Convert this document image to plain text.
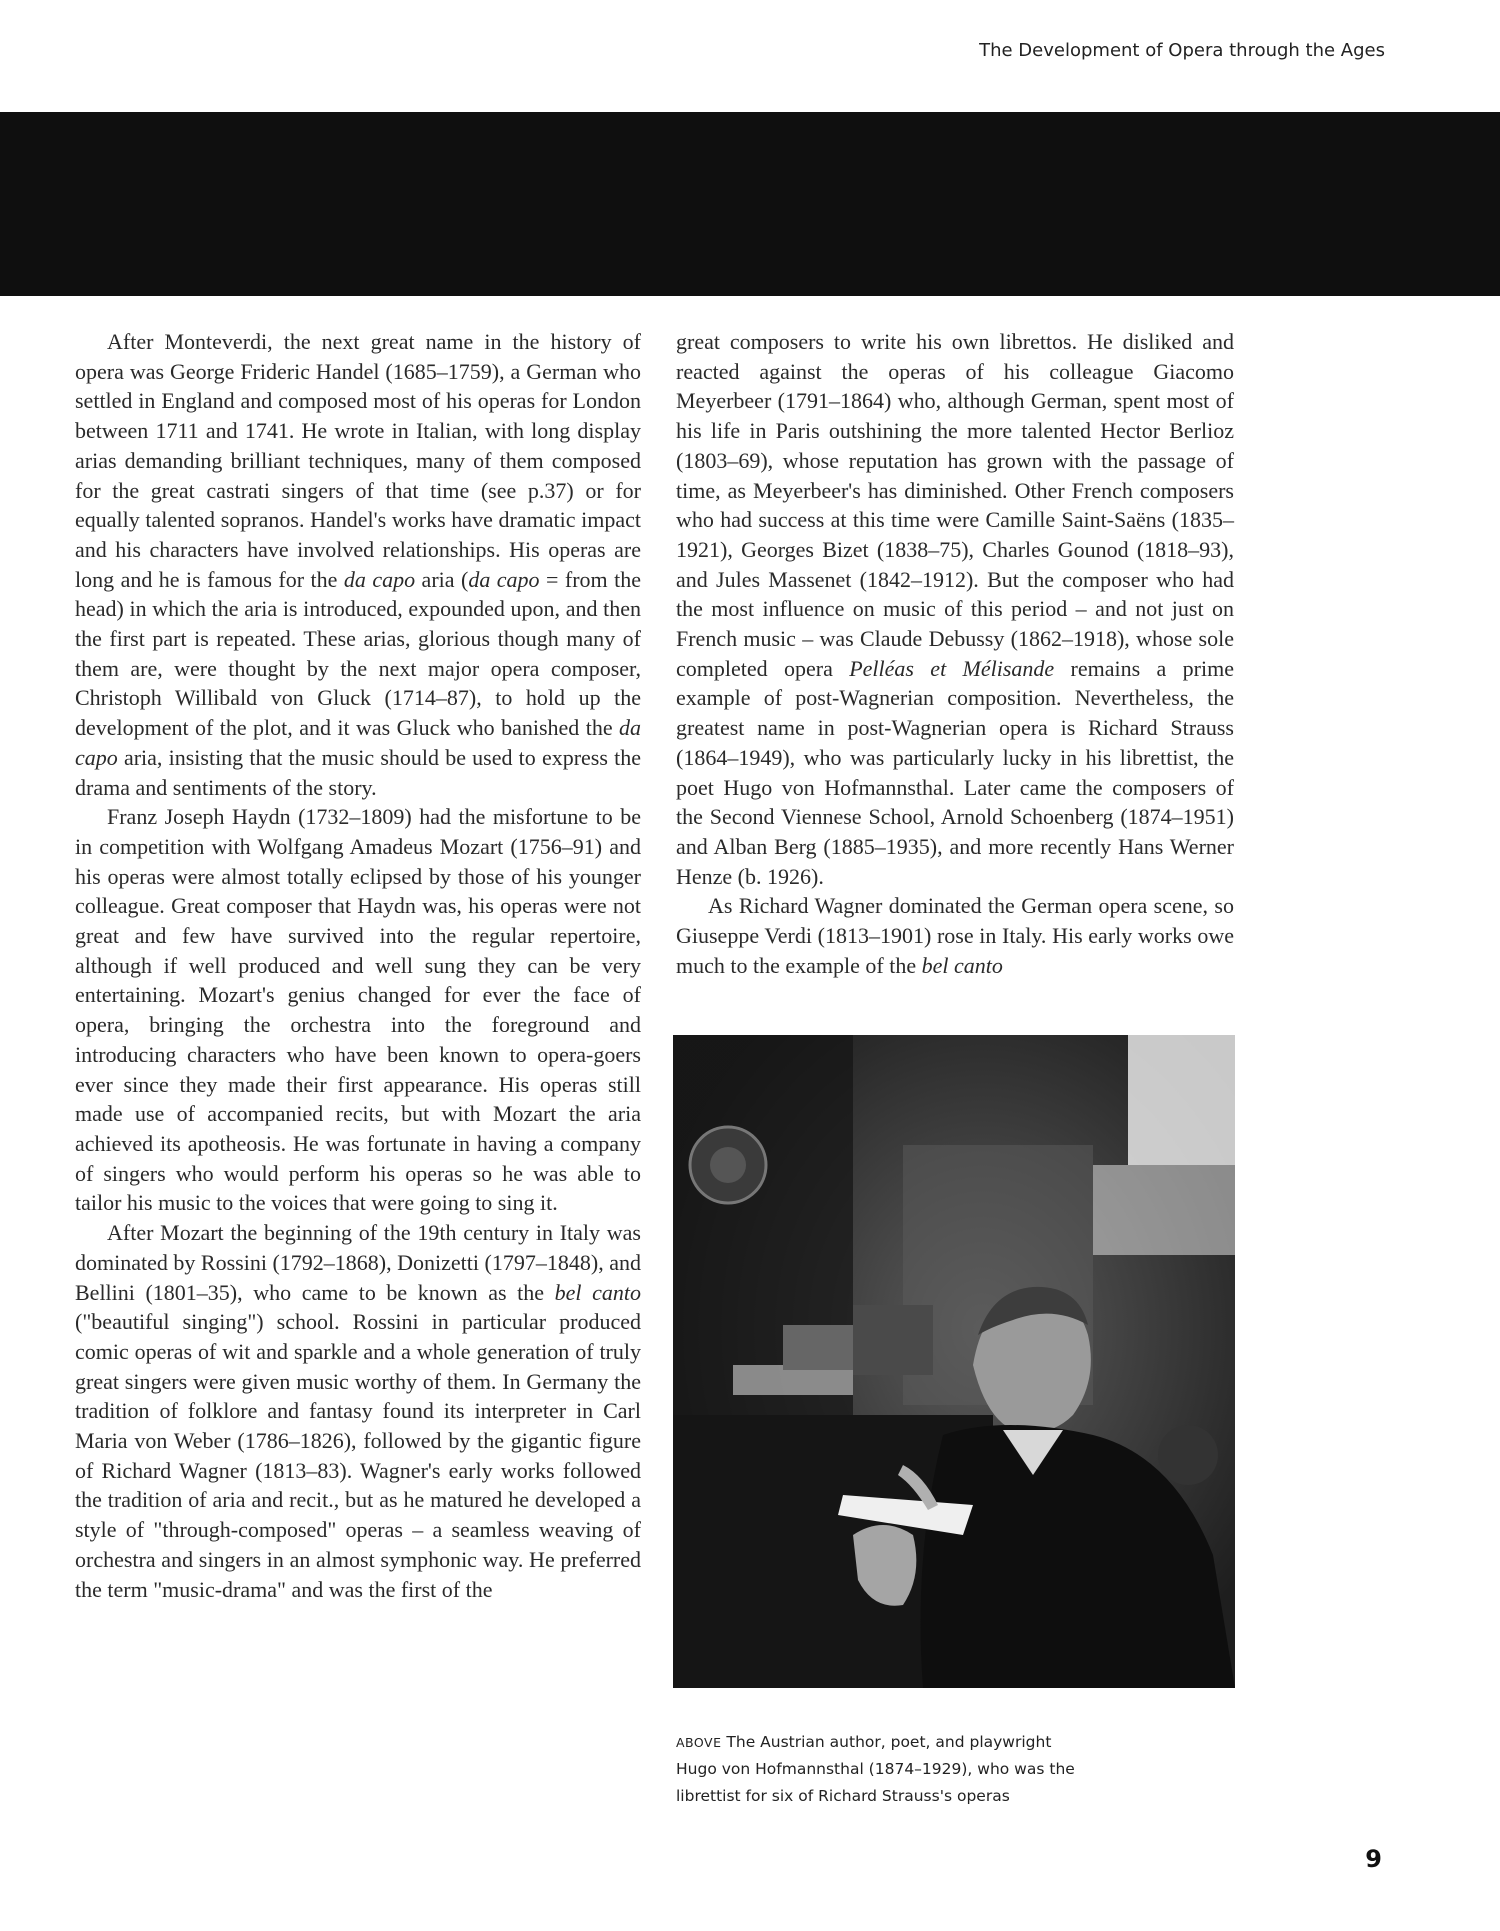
The Development of Opera through the Ages

After Monteverdi, the next great name in the history of opera was George Frideric Handel (1685–1759), a German who settled in England and composed most of his operas for London between 1711 and 1741. He wrote in Italian, with long display arias demanding brilliant techniques, many of them composed for the great castrati singers of that time (see p.37) or for equally talented sopranos. Handel's works have dramatic impact and his characters have involved relationships. His operas are long and he is famous for the da capo aria (da capo = from the head) in which the aria is introduced, expounded upon, and then the first part is repeated. These arias, glorious though many of them are, were thought by the next major opera composer, Christoph Willibald von Gluck (1714–87), to hold up the development of the plot, and it was Gluck who banished the da capo aria, insisting that the music should be used to express the drama and sentiments of the story.

Franz Joseph Haydn (1732–1809) had the misfortune to be in competition with Wolfgang Amadeus Mozart (1756–91) and his operas were almost totally eclipsed by those of his younger colleague. Great composer that Haydn was, his operas were not great and few have survived into the regular repertoire, although if well produced and well sung they can be very entertaining. Mozart's genius changed for ever the face of opera, bringing the orchestra into the foreground and introducing characters who have been known to opera-goers ever since they made their first appearance. His operas still made use of accompanied recits, but with Mozart the aria achieved its apotheosis. He was fortunate in having a company of singers who would perform his operas so he was able to tailor his music to the voices that were going to sing it.

After Mozart the beginning of the 19th century in Italy was dominated by Rossini (1792–1868), Donizetti (1797–1848), and Bellini (1801–35), who came to be known as the bel canto ("beautiful singing") school. Rossini in particular produced comic operas of wit and sparkle and a whole generation of truly great singers were given music worthy of them. In Germany the tradition of folklore and fantasy found its interpreter in Carl Maria von Weber (1786–1826), followed by the gigantic figure of Richard Wagner (1813–83). Wagner's early works followed the tradition of aria and recit., but as he matured he developed a style of "through-composed" operas – a seamless weaving of orchestra and singers in an almost symphonic way. He preferred the term "music-drama" and was the first of the

great composers to write his own librettos. He disliked and reacted against the operas of his colleague Giacomo Meyerbeer (1791–1864) who, although German, spent most of his life in Paris outshining the more talented Hector Berlioz (1803–69), whose reputation has grown with the passage of time, as Meyerbeer's has diminished. Other French composers who had success at this time were Camille Saint-Saëns (1835–1921), Georges Bizet (1838–75), Charles Gounod (1818–93), and Jules Massenet (1842–1912). But the composer who had the most influence on music of this period – and not just on French music – was Claude Debussy (1862–1918), whose sole completed opera Pelléas et Mélisande remains a prime example of post-Wagnerian composition. Nevertheless, the greatest name in post-Wagnerian opera is Richard Strauss (1864–1949), who was particularly lucky in his librettist, the poet Hugo von Hofmannsthal. Later came the composers of the Second Viennese School, Arnold Schoenberg (1874–1951) and Alban Berg (1885–1935), and more recently Hans Werner Henze (b. 1926).

As Richard Wagner dominated the German opera scene, so Giuseppe Verdi (1813–1901) rose in Italy. His early works owe much to the example of the bel canto

ABOVE The Austrian author, poet, and playwright Hugo von Hofmannsthal (1874–1929), who was the librettist for six of Richard Strauss's operas
9
